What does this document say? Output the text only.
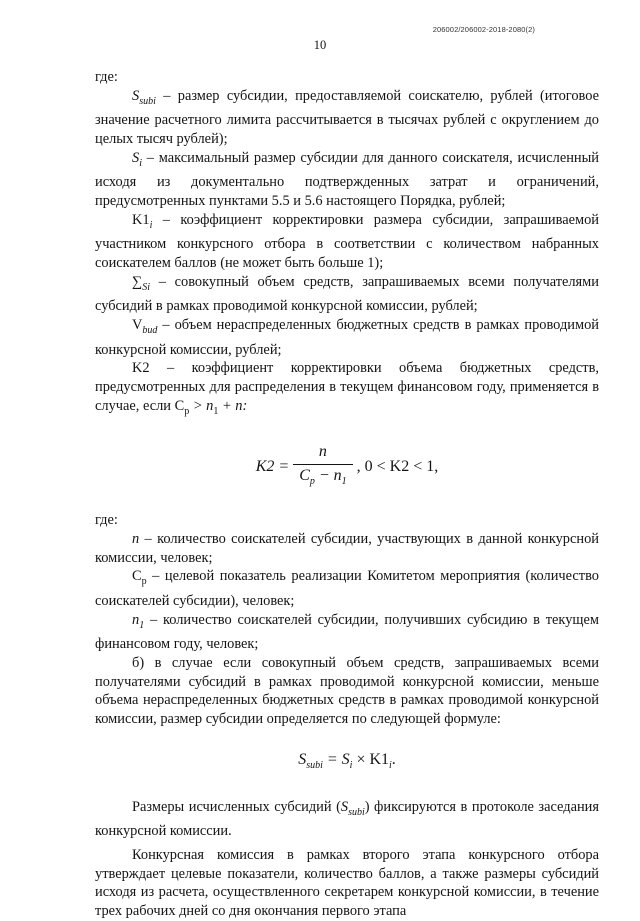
206002/206002-2018-2080(2)
10

где:

$S_{subi}$ – размер субсидии, предоставляемой соискателю, рублей (итоговое значение расчетного лимита рассчитывается в тысячах рублей с округлением до целых тысяч рублей);

$S_i$ – максимальный размер субсидии для данного соискателя, исчисленный исходя из документально подтвержденных затрат и ограничений, предусмотренных пунктами 5.5 и 5.6 настоящего Порядка, рублей;

$K1_i$ – коэффициент корректировки размера субсидии, запрашиваемой участником конкурсного отбора в соответствии с количеством набранных соискателем баллов (не может быть больше 1);

$\sum_{Si}$ – совокупный объем средств, запрашиваемых всеми получателями субсидий в рамках проводимой конкурсной комиссии, рублей;

$V_{bud}$ – объем нераспределенных бюджетных средств в рамках проводимой конкурсной комиссии, рублей;

K2 – коэффициент корректировки объема бюджетных средств, предусмотренных для распределения в текущем финансовом году, применяется в случае, если $C_p > n_1 + n$:

$K2 = \frac{n}{C_p - n_1}$ , 0 < K2 < 1,

где:

n – количество соискателей субсидии, участвующих в данной конкурсной комиссии, человек;

$C_p$ – целевой показатель реализации Комитетом мероприятия (количество соискателей субсидии), человек;

$n_1$ – количество соискателей субсидии, получивших субсидию в текущем финансовом году, человек;

б) в случае если совокупный объем средств, запрашиваемых всеми получателями субсидий в рамках проводимой конкурсной комиссии, меньше объема нераспределенных бюджетных средств в рамках проводимой конкурсной комиссии, размер субсидии определяется по следующей формуле:

$S_{subi} = S_i \times K1_i$.

Размеры исчисленных субсидий $(S_{subi})$ фиксируются в протоколе заседания конкурсной комиссии.

Конкурсная комиссия в рамках второго этапа конкурсного отбора утверждает целевые показатели, количество баллов, а также размеры субсидий исходя из расчета, осуществленного секретарем конкурсной комиссии, в течение трех рабочих дней со дня окончания первого этапа
